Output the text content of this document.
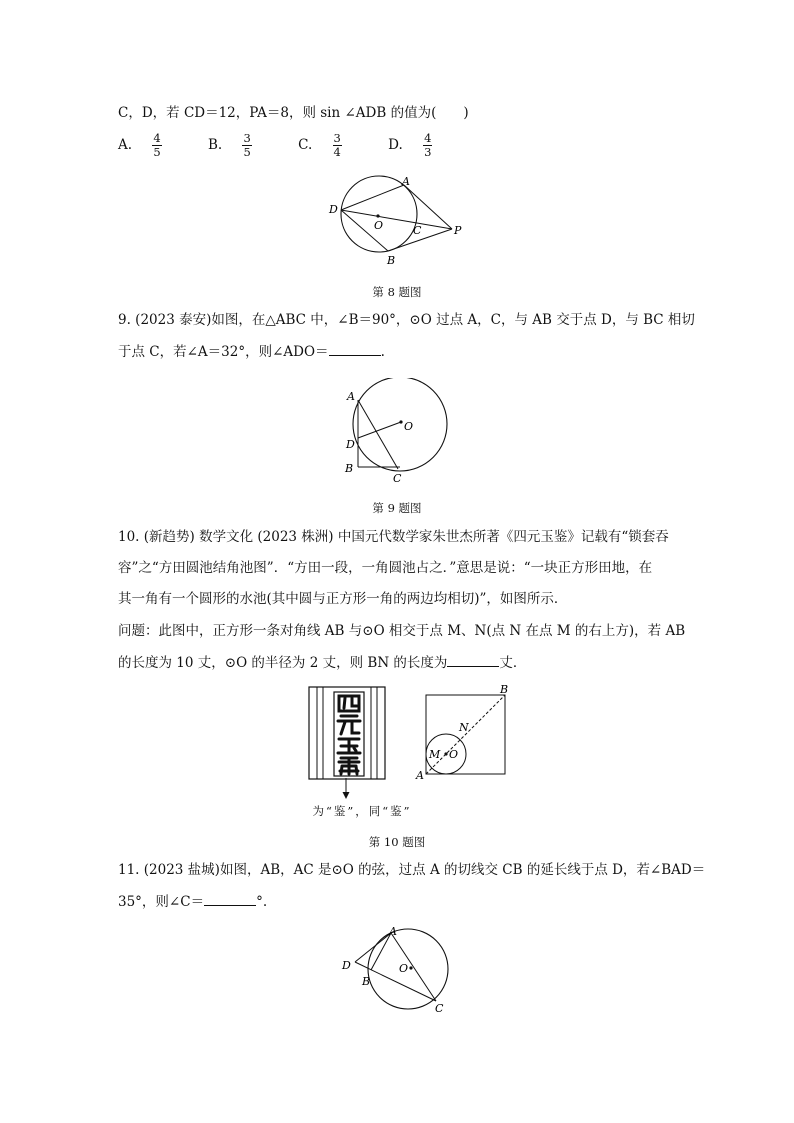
C，D，若 CD＝12，PA＝8，则 sin ∠ADB 的值为(　　)
A. $\frac{4}{5} B$. $\frac{3}{5} C$. $\frac{3}{4} D$. $\frac{4}{3}$
A
D
O	C	P
B
第 8 题图
9. (2023 泰安)如图，在△ABC 中，∠B＝90°，⊙O 过点 A，C，与 AB 交于点 D，与 BC 相切
于点 C，若∠A＝32°，则∠ADO＝	.
A
O
D
B
C
第 9 题图
10. (新趋势) 数学文化 (2023 株洲) 中国元代数学家朱世杰所著《四元玉鉴》记载有“锁套吞
容”之“方田圆池结角池图”．“方田一段，一角圆池占之．”意思是说：“一块正方形田地，在
其一角有一个圆形的水池(其中圆与正方形一角的两边均相切)”，如图所示．
问题：此图中，正方形一条对角线 AB 与⊙O 相交于点 M、N(点 N 在点 M 的右上方)，若 AB
的长度为 10 丈，⊙O 的半径为 2 丈，则 BN 的长度为	丈．
为“鉴”，同“鉴”
B
N
M O
A
第 10 题图
11. (2023 盐城)如图，AB，AC 是⊙O 的弦，过点 A 的切线交 CB 的延长线于点 D，若∠BAD＝
35°，则∠C＝	°.
A
D	O
B
C
